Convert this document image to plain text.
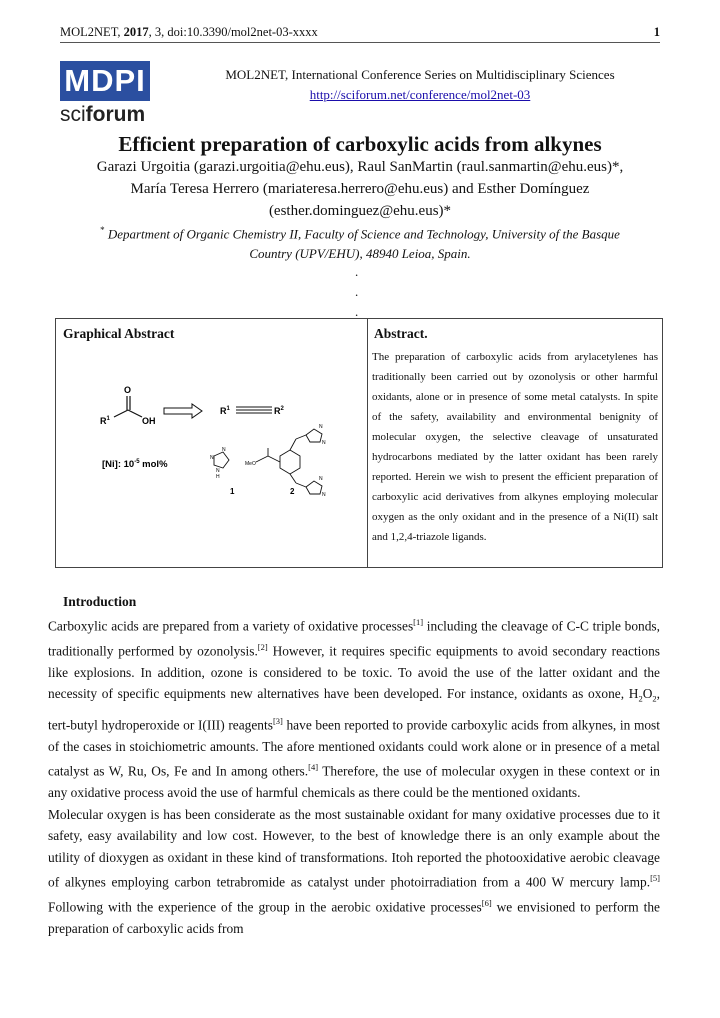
MOL2NET, 2017, 3, doi:10.3390/mol2net-03-xxxx	1
MDPI
sciforum
MOL2NET, International Conference Series on Multidisciplinary Sciences
http://sciforum.net/conference/mol2net-03
Efficient preparation of carboxylic acids from alkynes
Garazi Urgoitia (garazi.urgoitia@ehu.eus), Raul SanMartin (raul.sanmartin@ehu.eus)*,
María Teresa Herrero (mariateresa.herrero@ehu.eus) and Esther Domínguez
(esther.dominguez@ehu.eus)*
* Department of Organic Chemistry II, Faculty of Science and Technology, University of the Basque
Country (UPV/EHU), 48940 Leioa, Spain.
.
.
.
Graphical Abstract
O
$R^1$	OH
$R^1$	$R^2$
[Ni]: $10^{-5}$ mol%
N
N
N
H
1
MeO
N
N
N
N
2
Abstract.
The preparation of carboxylic acids from arylacetylenes has traditionally been carried out by ozonolysis or other harmful oxidants, alone or in presence of some metal catalysts. In spite of the safety, availability and environmental benignity of molecular oxygen, the selective cleavage of unsaturated hydrocarbons mediated by the latter oxidant has been rarely reported. Herein we wish to present the efficient preparation of carboxylic acid derivatives from alkynes employing molecular oxygen as the only oxidant and in the presence of a Ni(II) salt and 1,2,4-triazole ligands.
Introduction

Carboxylic acids are prepared from a variety of oxidative processes[1] including the cleavage of C-C triple bonds, traditionally performed by ozonolysis.[2] However, it requires specific equipments to avoid secondary reactions like explosions. In addition, ozone is considered to be toxic. To avoid the use of the latter oxidant and the necessity of specific equipments new alternatives have been developed. For instance, oxidants as oxone, $H_2O_2$, tert-butyl hydroperoxide or I(III) reagents[3] have been reported to provide carboxylic acids from alkynes, in most of the cases in stoichiometric amounts. The afore mentioned oxidants could work alone or in presence of a metal catalyst as W, Ru, Os, Fe and In among others.[4] Therefore, the use of molecular oxygen in these context or in any oxidative process avoid the use of harmful chemicals as there could be the mentioned oxidants.

Molecular oxygen is has been considerate as the most sustainable oxidant for many oxidative processes due to it safety, easy availability and low cost. However, to the best of knowledge there is an only example about the utility of dioxygen as oxidant in these kind of transformations. Itoh reported the photooxidative aerobic cleavage of alkynes employing carbon tetrabromide as catalyst under photoirradiation from a 400 W mercury lamp.[5] Following with the experience of the group in the aerobic oxidative processes[6] we envisioned to perform the preparation of carboxylic acids from
